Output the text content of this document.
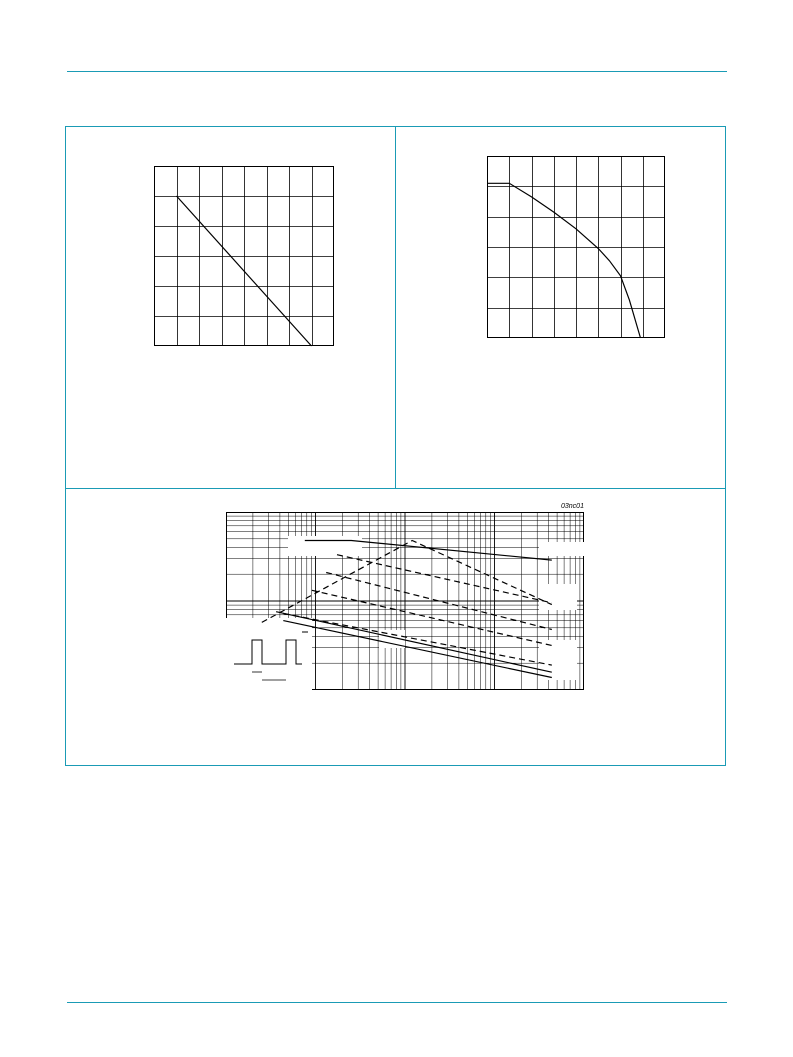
03nc01
